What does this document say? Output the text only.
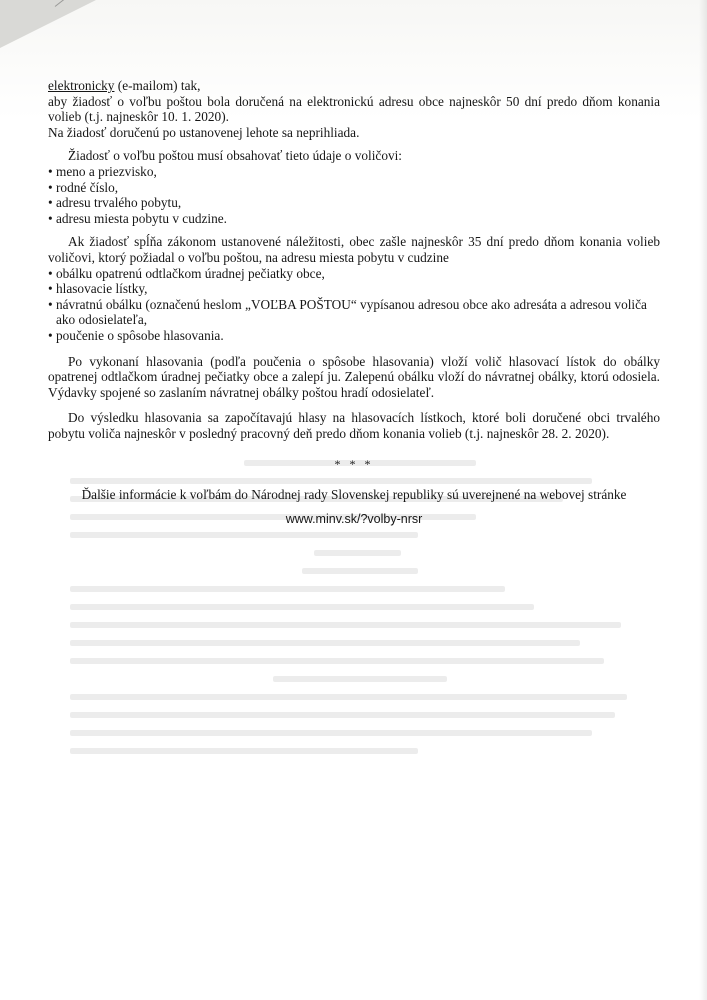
elektronicky (e-mailom) tak,

aby žiadosť o voľbu poštou bola doručená na elektronickú adresu obce najneskôr 50 dní predo dňom konania volieb (t.j. najneskôr 10. 1. 2020).

Na žiadosť doručenú po ustanovenej lehote sa neprihliada.

Žiadosť o voľbu poštou musí obsahovať tieto údaje o voličovi:

• meno a priezvisko,
• rodné číslo,
• adresu trvalého pobytu,
• adresu miesta pobytu v cudzine.

Ak žiadosť spĺňa zákonom ustanovené náležitosti, obec zašle najneskôr 35 dní predo dňom konania volieb voličovi, ktorý požiadal o voľbu poštou, na adresu miesta pobytu v cudzine

• obálku opatrenú odtlačkom úradnej pečiatky obce,
• hlasovacie lístky,
• návratnú obálku (označenú heslom „VOĽBA POŠTOU“ vypísanou adresou obce ako adresáta a adresou voliča ako odosielateľa,
• poučenie o spôsobe hlasovania.

Po vykonaní hlasovania (podľa poučenia o spôsobe hlasovania) vloží volič hlasovací lístok do obálky opatrenej odtlačkom úradnej pečiatky obce a zalepí ju. Zalepenú obálku vloží do návratnej obálky, ktorú odosiela. Výdavky spojené so zaslaním návratnej obálky poštou hradí odosielateľ.

Do výsledku hlasovania sa započítavajú hlasy na hlasovacích lístkoch, ktoré boli doručené obci trvalého pobytu voliča najneskôr v posledný pracovný deň predo dňom konania volieb (t.j. najneskôr 28. 2. 2020).

* * *
Ďalšie informácie k voľbám do Národnej rady Slovenskej republiky sú uverejnené na webovej stránke
www.minv.sk/?volby-nrsr
